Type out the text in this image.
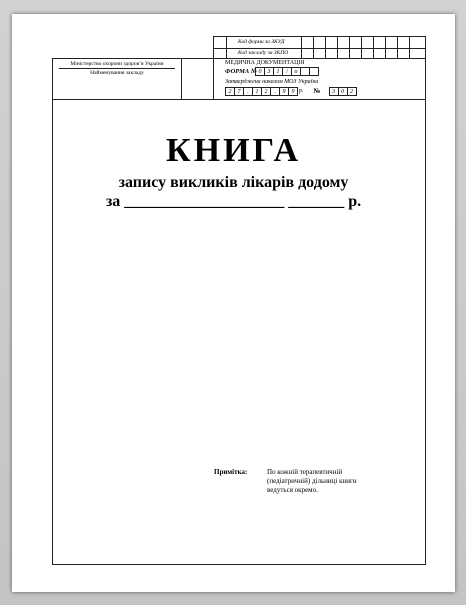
Код форми за ЗКУД
Код закладу за ЗКПО
Міністерство охорони здоров’я України
Найменування закладу
МЕДИЧНА ДОКУМЕНТАЦІЯ
ФОРМА № 0	3	1	/	о
Затверджена наказом МОЗ України
2	7	.	1	2	.	9	9 р. №	3	0	2
КНИГА
запису викликів лікарів додому
за ____________________ _______ р.
Примітка:	По кожній терапевтичній (педіатричній) дільниці книги ведуться окремо.
